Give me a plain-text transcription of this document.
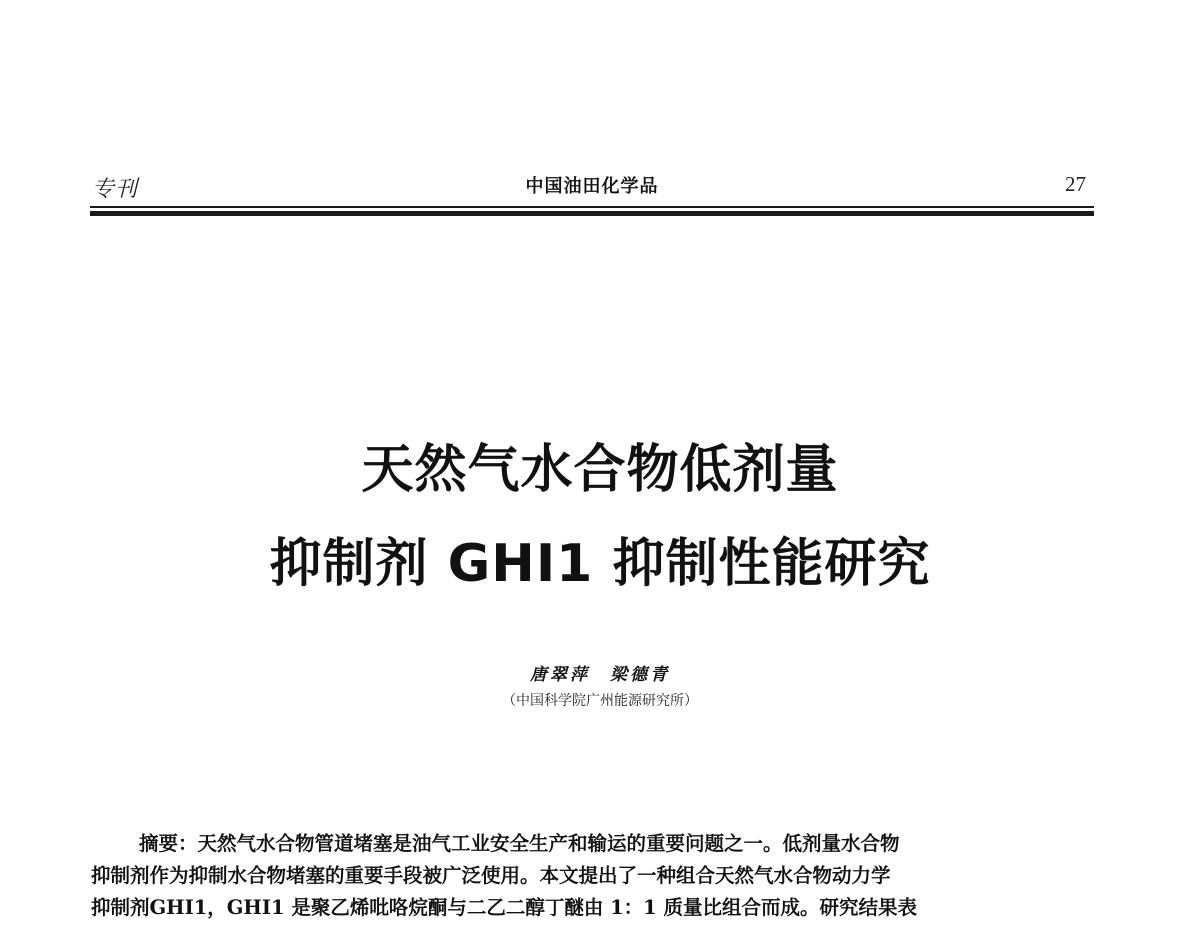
专刊	中国油田化学品	27
天然气水合物低剂量
抑制剂 GHI1 抑制性能研究
唐翠萍　梁德青
（中国科学院广州能源研究所）
摘要：天然气水合物管道堵塞是油气工业安全生产和输运的重要问题之一。低剂量水合物
抑制剂作为抑制水合物堵塞的重要手段被广泛使用。本文提出了一种组合天然气水合物动力学
抑制剂GHI1，GHI1 是聚乙烯吡咯烷酮与二乙二醇丁醚由 1：1 质量比组合而成。研究结果表
